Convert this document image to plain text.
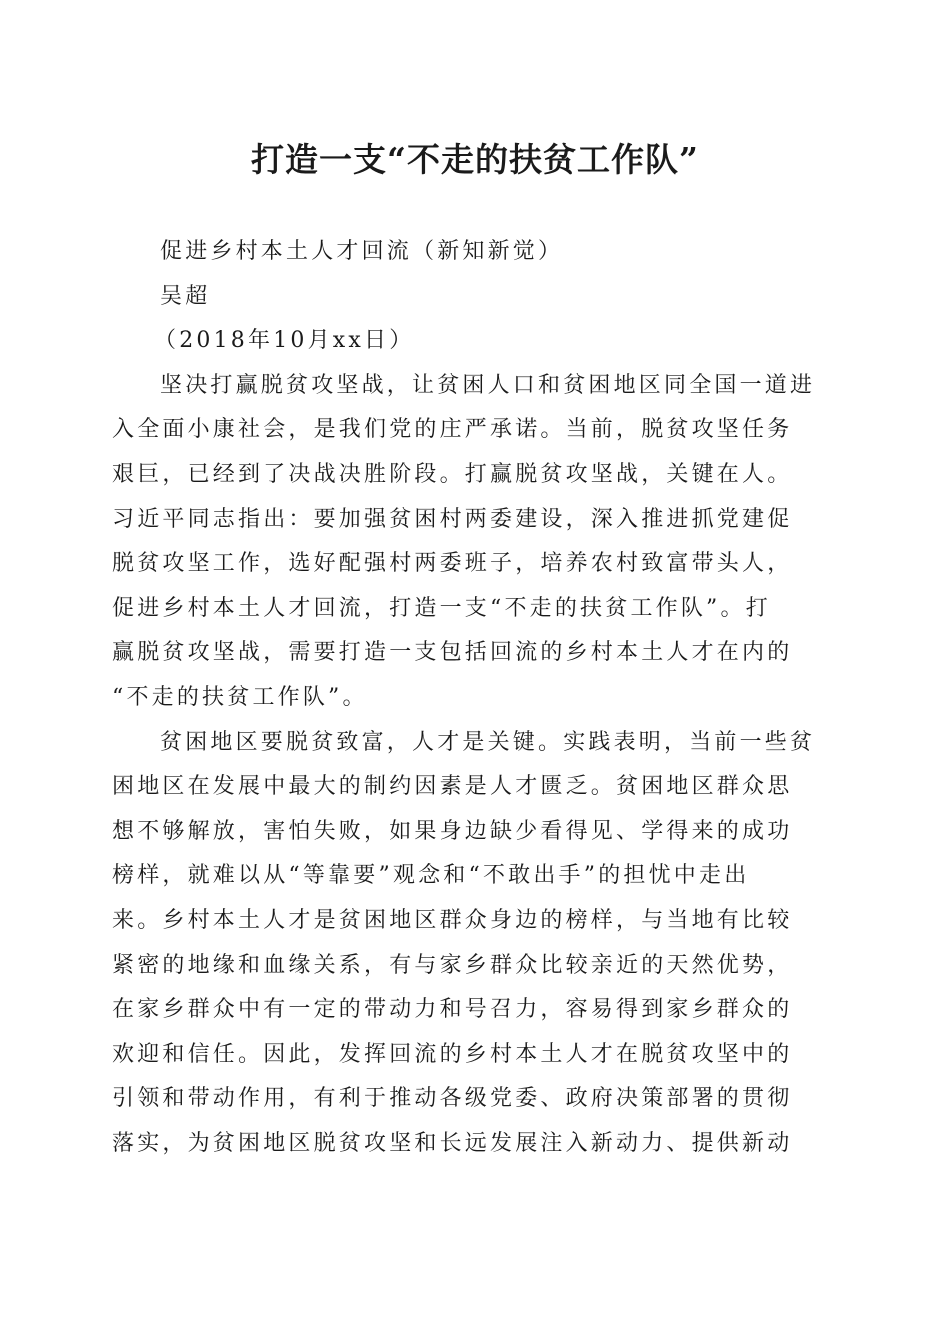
打造一支“不走的扶贫工作队”
促进乡村本土人才回流（新知新觉）
吴超
（2018年10月xx日）
坚决打赢脱贫攻坚战，让贫困人口和贫困地区同全国一道进
入全面小康社会，是我们党的庄严承诺。当前，脱贫攻坚任务
艰巨，已经到了决战决胜阶段。打赢脱贫攻坚战，关键在人。
习近平同志指出：要加强贫困村两委建设，深入推进抓党建促
脱贫攻坚工作，选好配强村两委班子，培养农村致富带头人，
促进乡村本土人才回流，打造一支“不走的扶贫工作队”。打
赢脱贫攻坚战，需要打造一支包括回流的乡村本土人才在内的
“不走的扶贫工作队”。
贫困地区要脱贫致富，人才是关键。实践表明，当前一些贫
困地区在发展中最大的制约因素是人才匮乏。贫困地区群众思
想不够解放，害怕失败，如果身边缺少看得见、学得来的成功
榜样，就难以从“等靠要”观念和“不敢出手”的担忧中走出
来。乡村本土人才是贫困地区群众身边的榜样，与当地有比较
紧密的地缘和血缘关系，有与家乡群众比较亲近的天然优势，
在家乡群众中有一定的带动力和号召力，容易得到家乡群众的
欢迎和信任。因此，发挥回流的乡村本土人才在脱贫攻坚中的
引领和带动作用，有利于推动各级党委、政府决策部署的贯彻
落实，为贫困地区脱贫攻坚和长远发展注入新动力、提供新动
